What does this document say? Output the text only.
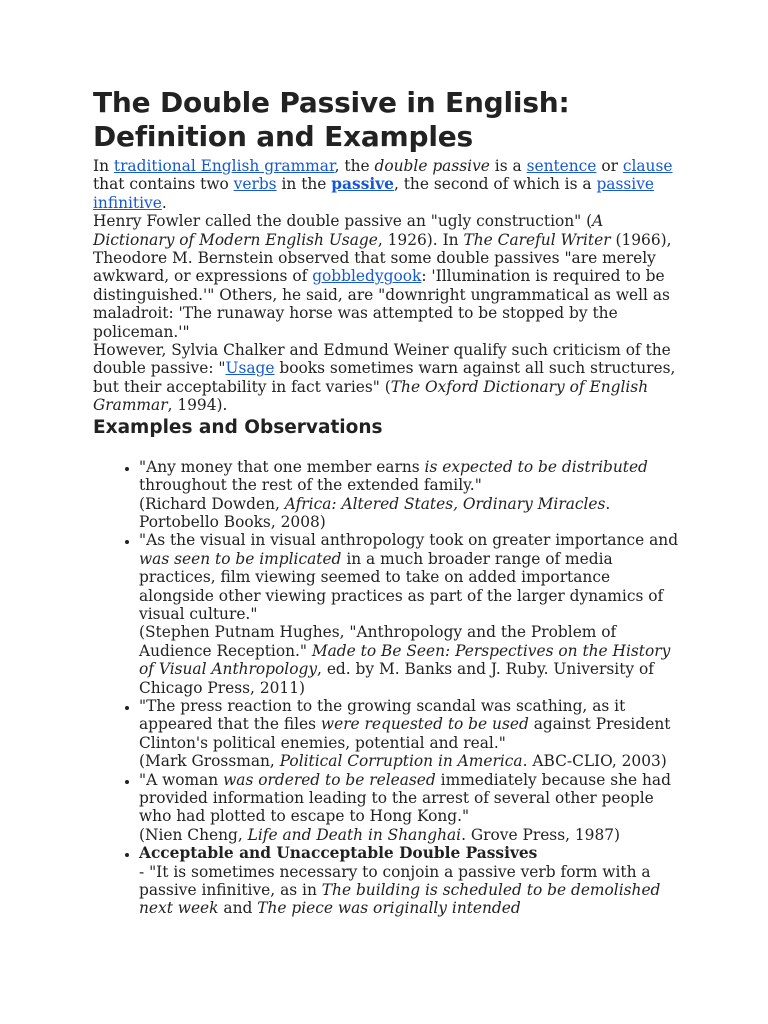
The Double Passive in English:
Definition and Examples

In traditional English grammar, the double passive is a sentence or clause that contains two verbs in the passive, the second of which is a passive infinitive.

Henry Fowler called the double passive an "ugly construction" (A Dictionary of Modern English Usage, 1926). In The Careful Writer (1966), Theodore M. Bernstein observed that some double passives "are merely awkward, or expressions of gobbledygook: 'Illumination is required to be distinguished.'" Others, he said, are "downright ungrammatical as well as maladroit: 'The runaway horse was attempted to be stopped by the policeman.'"

However, Sylvia Chalker and Edmund Weiner qualify such criticism of the double passive: "Usage books sometimes warn against all such structures, but their acceptability in fact varies" (The Oxford Dictionary of English Grammar, 1994).

Examples and Observations
• "Any money that one member earns is expected to be distributed throughout the rest of the extended family."
(Richard Dowden, Africa: Altered States, Ordinary Miracles. Portobello Books, 2008)
• "As the visual in visual anthropology took on greater importance and was seen to be implicated in a much broader range of media practices, film viewing seemed to take on added importance alongside other viewing practices as part of the larger dynamics of visual culture."
(Stephen Putnam Hughes, "Anthropology and the Problem of Audience Reception." Made to Be Seen: Perspectives on the History of Visual Anthropology, ed. by M. Banks and J. Ruby. University of Chicago Press, 2011)
• "The press reaction to the growing scandal was scathing, as it appeared that the files were requested to be used against President Clinton's political enemies, potential and real."
(Mark Grossman, Political Corruption in America. ABC-CLIO, 2003)
• "A woman was ordered to be released immediately because she had provided information leading to the arrest of several other people who had plotted to escape to Hong Kong."
(Nien Cheng, Life and Death in Shanghai. Grove Press, 1987)
• Acceptable and Unacceptable Double Passives
- "It is sometimes necessary to conjoin a passive verb form with a passive infinitive, as in The building is scheduled to be demolished next week and The piece was originally intended
